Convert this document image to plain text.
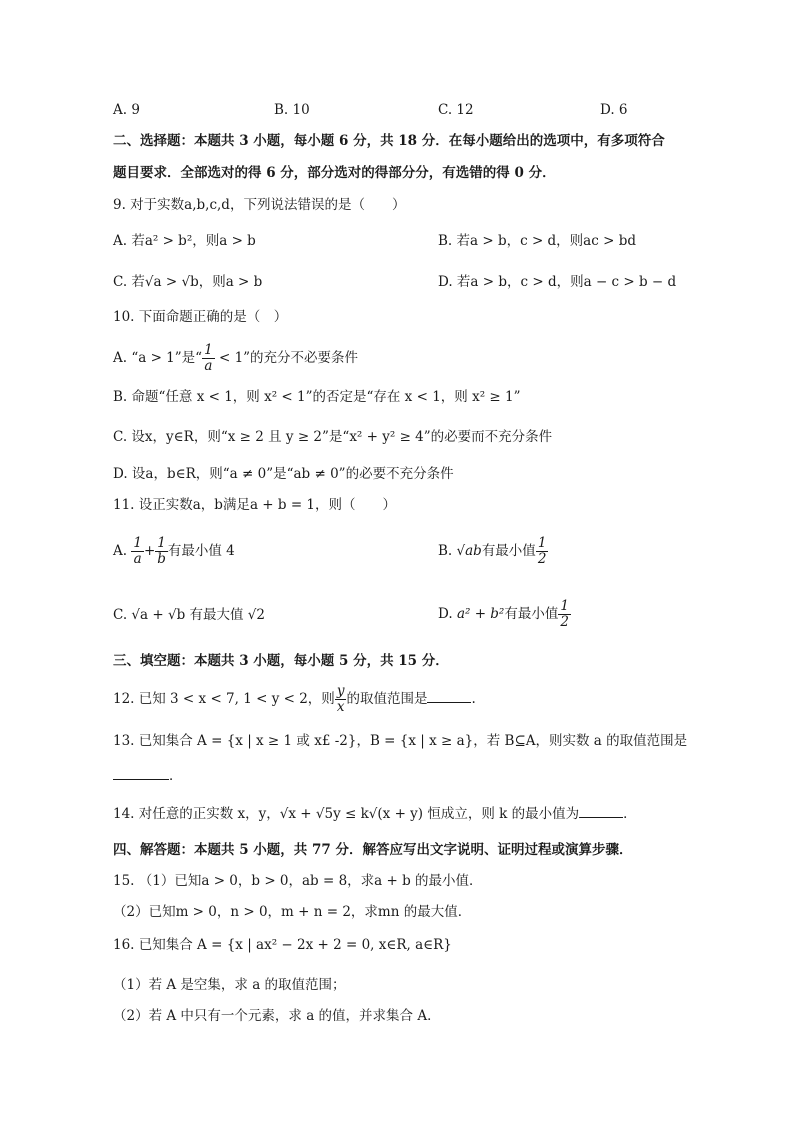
A. 9	B. 10	C. 12	D. 6
二、选择题：本题共 3 小题，每小题 6 分，共 18 分．在每小题给出的选项中，有多项符合
题目要求．全部选对的得 6 分，部分选对的得部分分，有选错的得 0 分．
9. 对于实数a,b,c,d，下列说法错误的是（　　）
A. 若a² > b²，则a > b	B. 若a > b，c > d，则ac > bd
C. 若√a > √b，则a > b	D. 若a > b，c > d，则a − c > b − d
10. 下面命题正确的是（　）
A. “a > 1”是“ $\frac{1}{a} < 1$”的充分不必要条件
B. 命题“任意 x < 1，则 x² < 1”的否定是“存在 x < 1，则 x² ≥ 1”
C. 设x，y∈R，则“x ≥ 2 且 y ≥ 2”是“x² + y² ≥ 4”的必要而不充分条件
D. 设a，b∈R，则“a ≠ 0”是“ab ≠ 0”的必要不充分条件
11. 设正实数a，b满足a + b = 1，则（　　）
A. $\frac{1}{a} + \frac{1}{b}$ 有最小值 4	B. √ab有最小值 $\frac{1}{2}$
C. √a + √b 有最大值 √2	D. a² + b²有最小值 $\frac{1}{2}$
三、填空题：本题共 3 小题，每小题 5 分，共 15 分．
12. 已知 3 < x < 7, 1 < y < 2，则 $\frac{y}{x}$ 的取值范围是	.
13. 已知集合 A = {x | x ≥ 1 或 x£ -2}，B = {x | x ≥ a}，若 B⊆A，则实数 a 的取值范围是
．
14. 对任意的正实数 x，y，√x + √5y ≤ k√(x + y) 恒成立，则 k 的最小值为	．
四、解答题：本题共 5 小题，共 77 分．解答应写出文字说明、证明过程或演算步骤．
15. （1）已知a > 0，b > 0，ab = 8，求a + b 的最小值．
（2）已知m > 0，n > 0，m + n = 2，求mn 的最大值．
16. 已知集合 A = {x | ax² − 2x + 2 = 0, x∈R, a∈R}
（1）若 A 是空集，求 a 的取值范围；
（2）若 A 中只有一个元素，求 a 的值，并求集合 A．
